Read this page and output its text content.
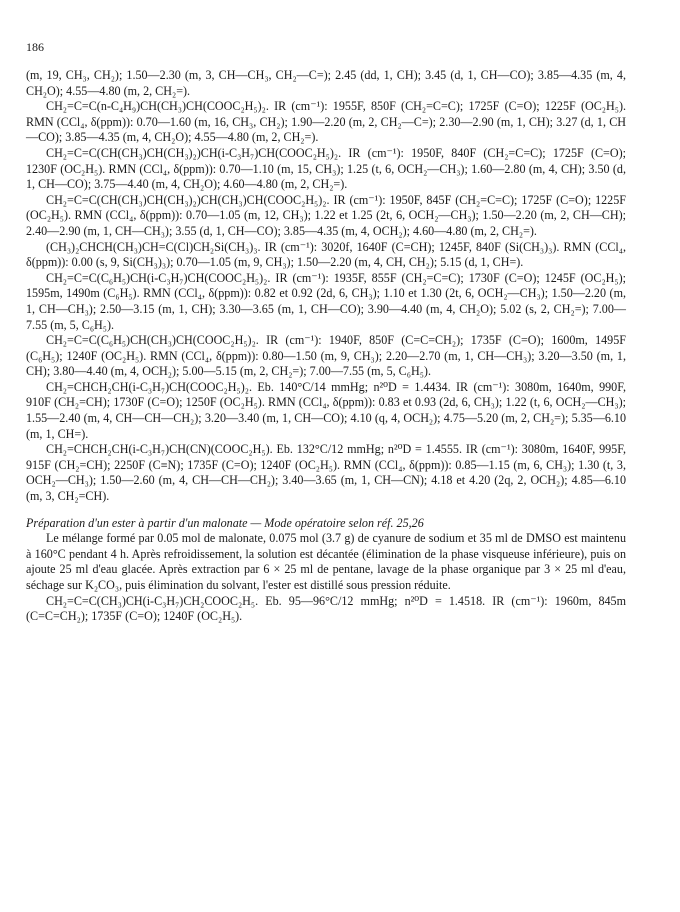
186

(m, 19, CH₃, CH₂); 1.50—2.30 (m, 3, CH—CH₃, CH₂—C=); 2.45 (dd, 1, CH); 3.45 (d, 1, CH—CO); 3.85—4.35 (m, 4, CH₂O); 4.55—4.80 (m, 2, CH₂=).

CH₂=C=C(n-C₄H₉)CH(CH₃)CH(COOC₂H₅)₂. IR (cm⁻¹): 1955F, 850F (CH₂=C=C); 1725F (C=O); 1225F (OC₂H₅). RMN (CCl₄, δ(ppm)): 0.70—1.60 (m, 16, CH₃, CH₂); 1.90—2.20 (m, 2, CH₂—C=); 2.30—2.90 (m, 1, CH); 3.27 (d, 1, CH—CO); 3.85—4.35 (m, 4, CH₂O); 4.55—4.80 (m, 2, CH₂=).

CH₂=C=C(CH(CH₃)CH(CH₃)₂)CH(i-C₃H₇)CH(COOC₂H₅)₂. IR (cm⁻¹): 1950F, 840F (CH₂=C=C); 1725F (C=O); 1230F (OC₂H₅). RMN (CCl₄, δ(ppm)): 0.70—1.10 (m, 15, CH₃); 1.25 (t, 6, OCH₂—CH₃); 1.60—2.80 (m, 4, CH); 3.50 (d, 1, CH—CO); 3.75—4.40 (m, 4, CH₂O); 4.60—4.80 (m, 2, CH₂=).

CH₂=C=C(CH(CH₃)CH(CH₃)₂)CH(CH₃)CH(COOC₂H₅)₂. IR (cm⁻¹): 1950F, 845F (CH₂=C=C); 1725F (C=O); 1225F (OC₂H₅). RMN (CCl₄, δ(ppm)): 0.70—1.05 (m, 12, CH₃); 1.22 et 1.25 (2t, 6, OCH₂—CH₃); 1.50—2.20 (m, 2, CH—CH); 2.40—2.90 (m, 1, CH—CH₃); 3.55 (d, 1, CH—CO); 3.85—4.35 (m, 4, OCH₂); 4.60—4.80 (m, 2, CH₂=).

(CH₃)₂CHCH(CH₃)CH=C(Cl)CH₂Si(CH₃)₃. IR (cm⁻¹): 3020f, 1640F (C=CH); 1245F, 840F (Si(CH₃)₃). RMN (CCl₄, δ(ppm)): 0.00 (s, 9, Si(CH₃)₃); 0.70—1.05 (m, 9, CH₃); 1.50—2.20 (m, 4, CH, CH₂); 5.15 (d, 1, CH=).

CH₂=C=C(C₆H₅)CH(i-C₃H₇)CH(COOC₂H₅)₂. IR (cm⁻¹): 1935F, 855F (CH₂=C=C); 1730F (C=O); 1245F (OC₂H₅); 1595m, 1490m (C₆H₅). RMN (CCl₄, δ(ppm)): 0.82 et 0.92 (2d, 6, CH₃); 1.10 et 1.30 (2t, 6, OCH₂—CH₃); 1.50—2.20 (m, 1, CH—CH₃); 2.50—3.15 (m, 1, CH); 3.30—3.65 (m, 1, CH—CO); 3.90—4.40 (m, 4, CH₂O); 5.02 (s, 2, CH₂=); 7.00—7.55 (m, 5, C₆H₅).

CH₂=C=C(C₆H₅)CH(CH₃)CH(COOC₂H₅)₂. IR (cm⁻¹): 1940F, 850F (C=C=CH₂); 1735F (C=O); 1600m, 1495F (C₆H₅); 1240F (OC₂H₅). RMN (CCl₄, δ(ppm)): 0.80—1.50 (m, 9, CH₃); 2.20—2.70 (m, 1, CH—CH₃); 3.20—3.50 (m, 1, CH); 3.80—4.40 (m, 4, OCH₂); 5.00—5.15 (m, 2, CH₂=); 7.00—7.55 (m, 5, C₆H₅).

CH₂=CHCH₂CH(i-C₃H₇)CH(COOC₂H₅)₂. Eb. 140°C/14 mmHg; n²⁰D = 1.4434. IR (cm⁻¹): 3080m, 1640m, 990F, 910F (CH₂=CH); 1730F (C=O); 1250F (OC₂H₅). RMN (CCl₄, δ(ppm)): 0.83 et 0.93 (2d, 6, CH₃); 1.22 (t, 6, OCH₂—CH₃); 1.55—2.40 (m, 4, CH—CH—CH₂); 3.20—3.40 (m, 1, CH—CO); 4.10 (q, 4, OCH₂); 4.75—5.20 (m, 2, CH₂=); 5.35—6.10 (m, 1, CH=).

CH₂=CHCH₂CH(i-C₃H₇)CH(CN)(COOC₂H₅). Eb. 132°C/12 mmHg; n²⁰D = 1.4555. IR (cm⁻¹): 3080m, 1640F, 995F, 915F (CH₂=CH); 2250F (C≡N); 1735F (C=O); 1240F (OC₂H₅). RMN (CCl₄, δ(ppm)): 0.85—1.15 (m, 6, CH₃); 1.30 (t, 3, OCH₂—CH₃); 1.50—2.60 (m, 4, CH—CH—CH₂); 3.40—3.65 (m, 1, CH—CN); 4.18 et 4.20 (2q, 2, OCH₂); 4.85—6.10 (m, 3, CH₂=CH).

Préparation d'un ester à partir d'un malonate — Mode opératoire selon réf. 25,26

Le mélange formé par 0.05 mol de malonate, 0.075 mol (3.7 g) de cyanure de sodium et 35 ml de DMSO est maintenu à 160°C pendant 4 h. Après refroidissement, la solution est décantée (élimination de la phase visqueuse inférieure), puis on ajoute 25 ml d'eau glacée. Après extraction par 6 × 25 ml de pentane, lavage de la phase organique par 3 × 25 ml d'eau, séchage sur K₂CO₃, puis élimination du solvant, l'ester est distillé sous pression réduite.

CH₂=C=C(CH₃)CH(i-C₃H₇)CH₂COOC₂H₅. Eb. 95—96°C/12 mmHg; n²⁰D = 1.4518. IR (cm⁻¹): 1960m, 845m (C=C=CH₂); 1735F (C=O); 1240F (OC₂H₅).
